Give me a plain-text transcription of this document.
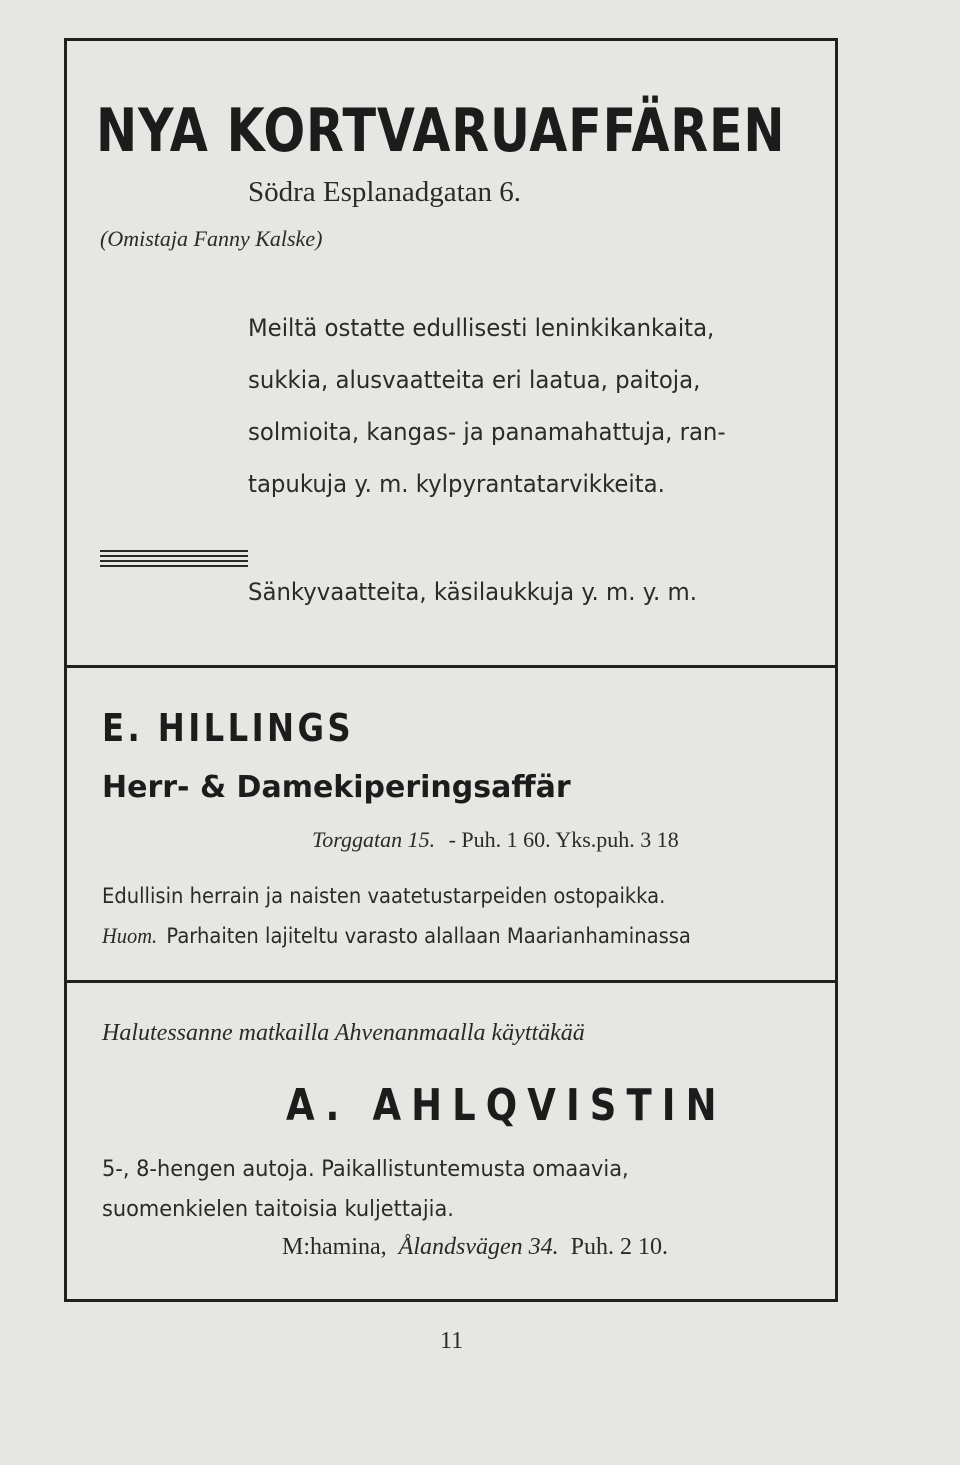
NYA KORTVARUAFFÄREN
Södra Esplanadgatan 6.
(Omistaja Fanny Kalske)
Meiltä ostatte edullisesti leninkikankaita,
sukkia, alusvaatteita eri laatua, paitoja,
solmioita, kangas- ja panamahattuja, ran-
tapukuja y. m. kylpyrantatarvikkeita.
Sänkyvaatteita, käsilaukkuja y. m. y. m.
E. HILLINGS
Herr- & Damekiperingsaffär
Torggatan 15. - Puh. 1 60. Yks.puh. 3 18
Edullisin herrain ja naisten vaatetustarpeiden ostopaikka.
Huom. Parhaiten lajiteltu varasto alallaan Maarianhaminassa
Halutessanne matkailla Ahvenanmaalla käyttäkää
A. AHLQVISTIN
5-, 8-hengen autoja. Paikallistuntemusta omaavia,
suomenkielen taitoisia kuljettajia.
M:hamina, Ålandsvägen 34. Puh. 2 10.
11
